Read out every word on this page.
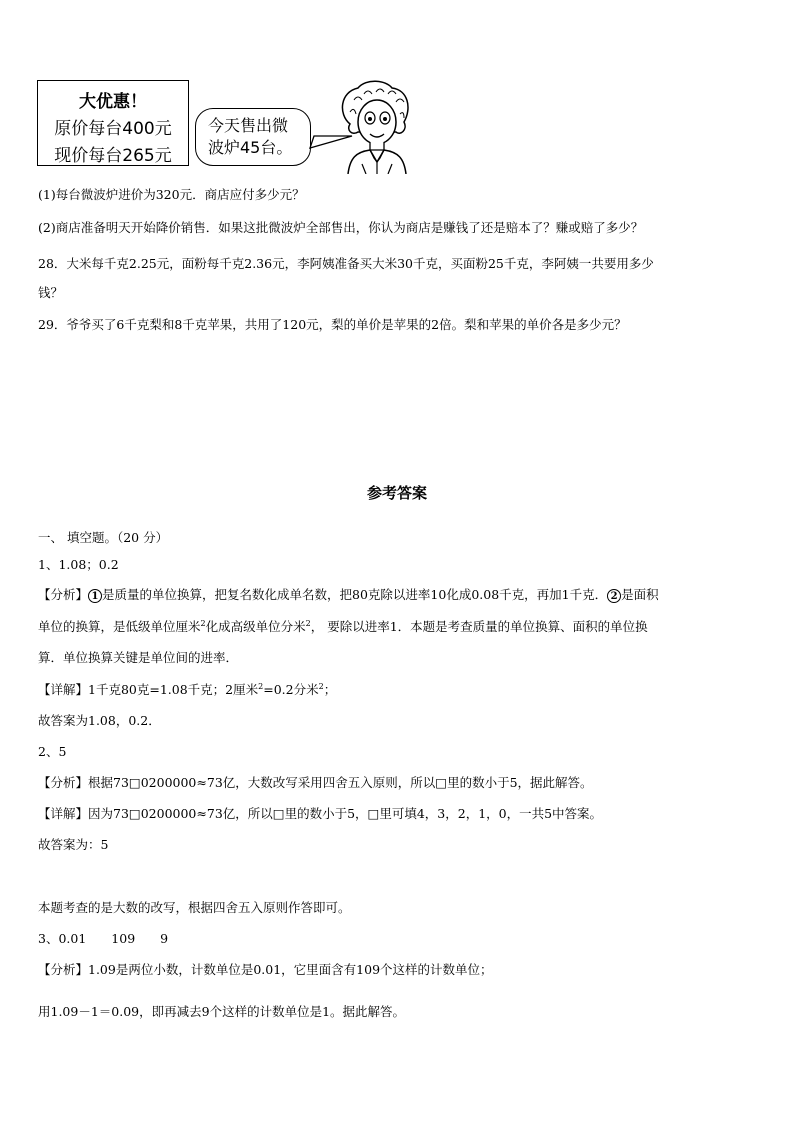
大优惠！
原价每台400元
现价每台265元
今天售出微
波炉45台。
(1)每台微波炉进价为320元．商店应付多少元？
(2)商店准备明天开始降价销售．如果这批微波炉全部售出，你认为商店是赚钱了还是赔本了？赚或赔了多少？
28．大米每千克2.25元，面粉每千克2.36元，李阿姨准备买大米30千克，买面粉25千克，李阿姨一共要用多少
钱？
29．爷爷买了6千克梨和8千克苹果，共用了120元，梨的单价是苹果的2倍。梨和苹果的单价各是多少元？
参考答案
一、 填空题。（20 分）
1、1.08；0.2
【分析】 1 是质量的单位换算，把复名数化成单名数，把80克除以进率10化成0.08千克，再加1千克． 2 是面积
单位的换算，是低级单位厘米$^2$化成高级单位分米$^2$， 要除以进率1．本题是考查质量的单位换算、面积的单位换
算．单位换算关键是单位间的进率．
【详解】1千克80克=1.08千克；2厘米$^2$=0.2分米$^2$；
故答案为1.08，0.2．
2、5
【分析】根据73□0200000≈73亿，大数改写采用四舍五入原则，所以□里的数小于5，据此解答。
【详解】因为73□0200000≈73亿，所以□里的数小于5，□里可填4，3，2，1，0，一共5中答案。
故答案为：5
本题考查的是大数的改写，根据四舍五入原则作答即可。
3、0.01　　109　　9
【分析】1.09是两位小数，计数单位是0.01，它里面含有109个这样的计数单位；
用1.09－1＝0.09，即再减去9个这样的计数单位是1。据此解答。
